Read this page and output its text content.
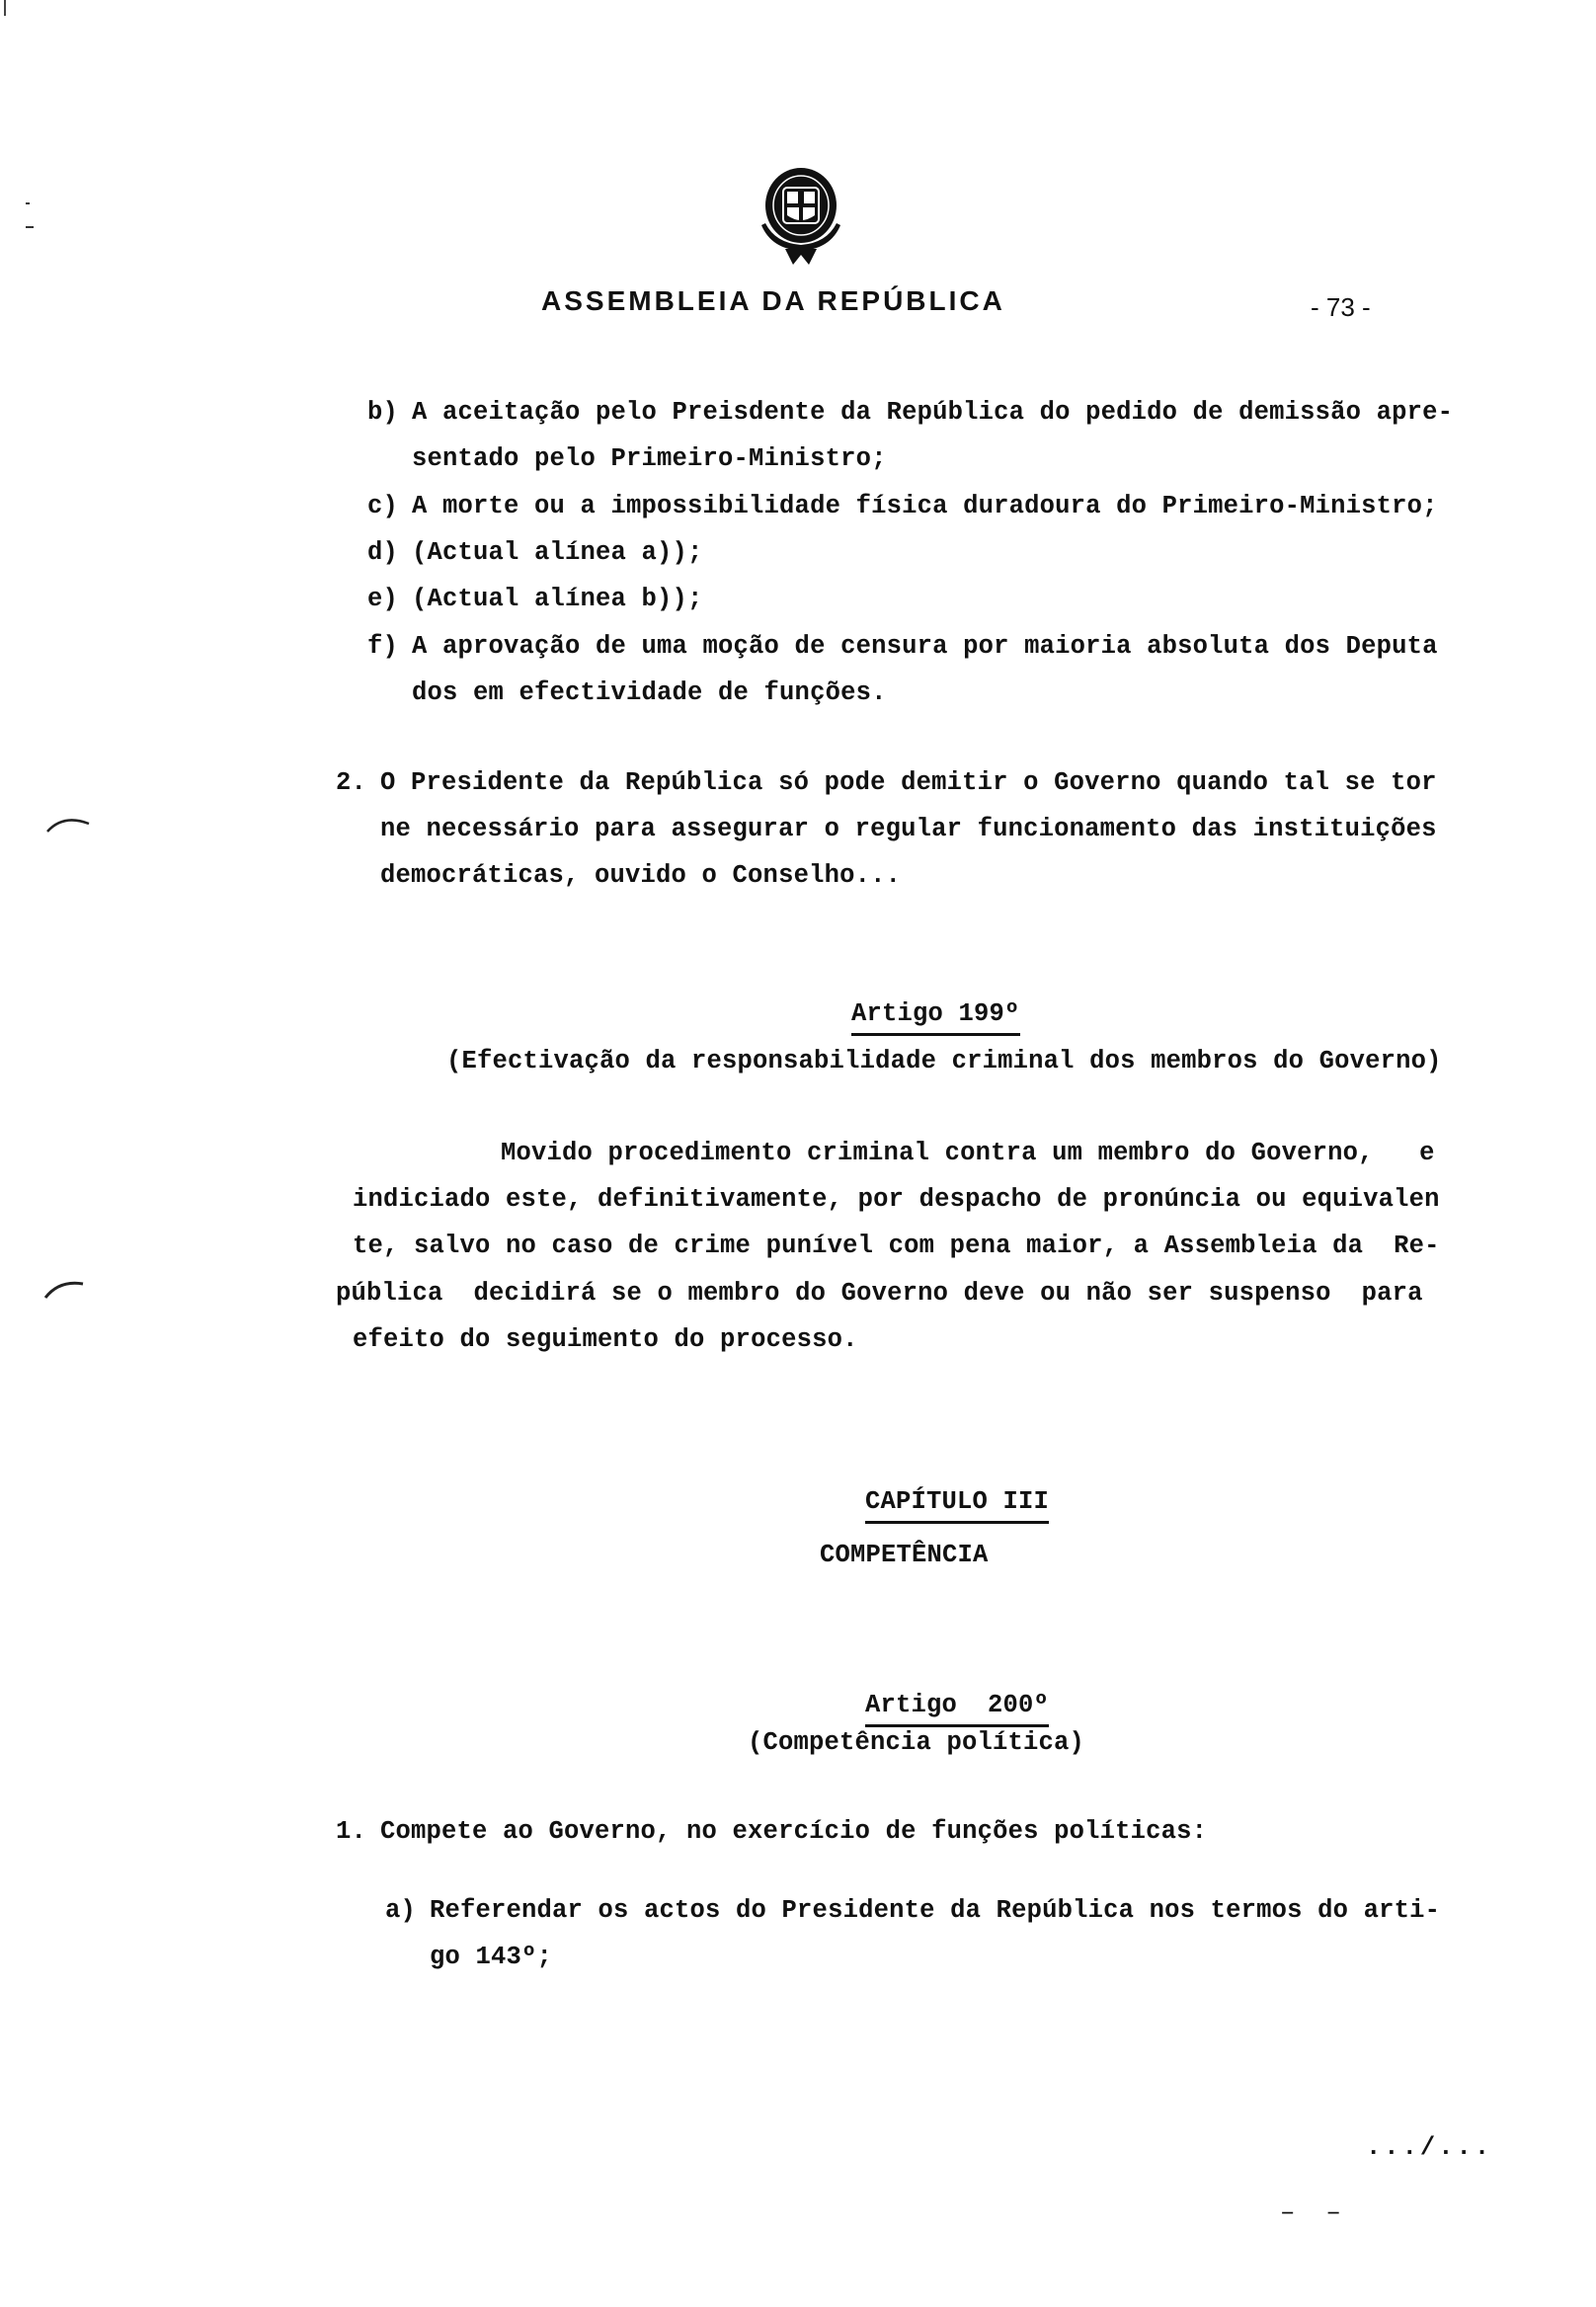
ASSEMBLEIA DA REPÚBLICA	- 73 -
b) A aceitação pelo Preisdente da República do pedido de demissão apre-
sentado pelo Primeiro-Ministro;
c) A morte ou a impossibilidade física duradoura do Primeiro-Ministro;
d) (Actual alínea a));
e) (Actual alínea b));
f) A aprovação de uma moção de censura por maioria absoluta dos Deputa
dos em efectividade de funções.
2. O Presidente da República só pode demitir o Governo quando tal se tor
ne necessário para assegurar o regular funcionamento das instituições
democráticas, ouvido o Conselho...

Artigo 199º

(Efectivação da responsabilidade criminal dos membros do Governo)
Movido procedimento criminal contra um membro do Governo,   e
indiciado este, definitivamente, por despacho de pronúncia ou equivalen
te, salvo no caso de crime punível com pena maior, a Assembleia da  Re-
pública  decidirá se o membro do Governo deve ou não ser suspenso  para
efeito do seguimento do processo.

CAPÍTULO III

COMPETÊNCIA

Artigo  200º

(Competência política)
1. Compete ao Governo, no exercício de funções políticas:
a) Referendar os actos do Presidente da República nos termos do arti-
go 143º;
.../...
–  –
